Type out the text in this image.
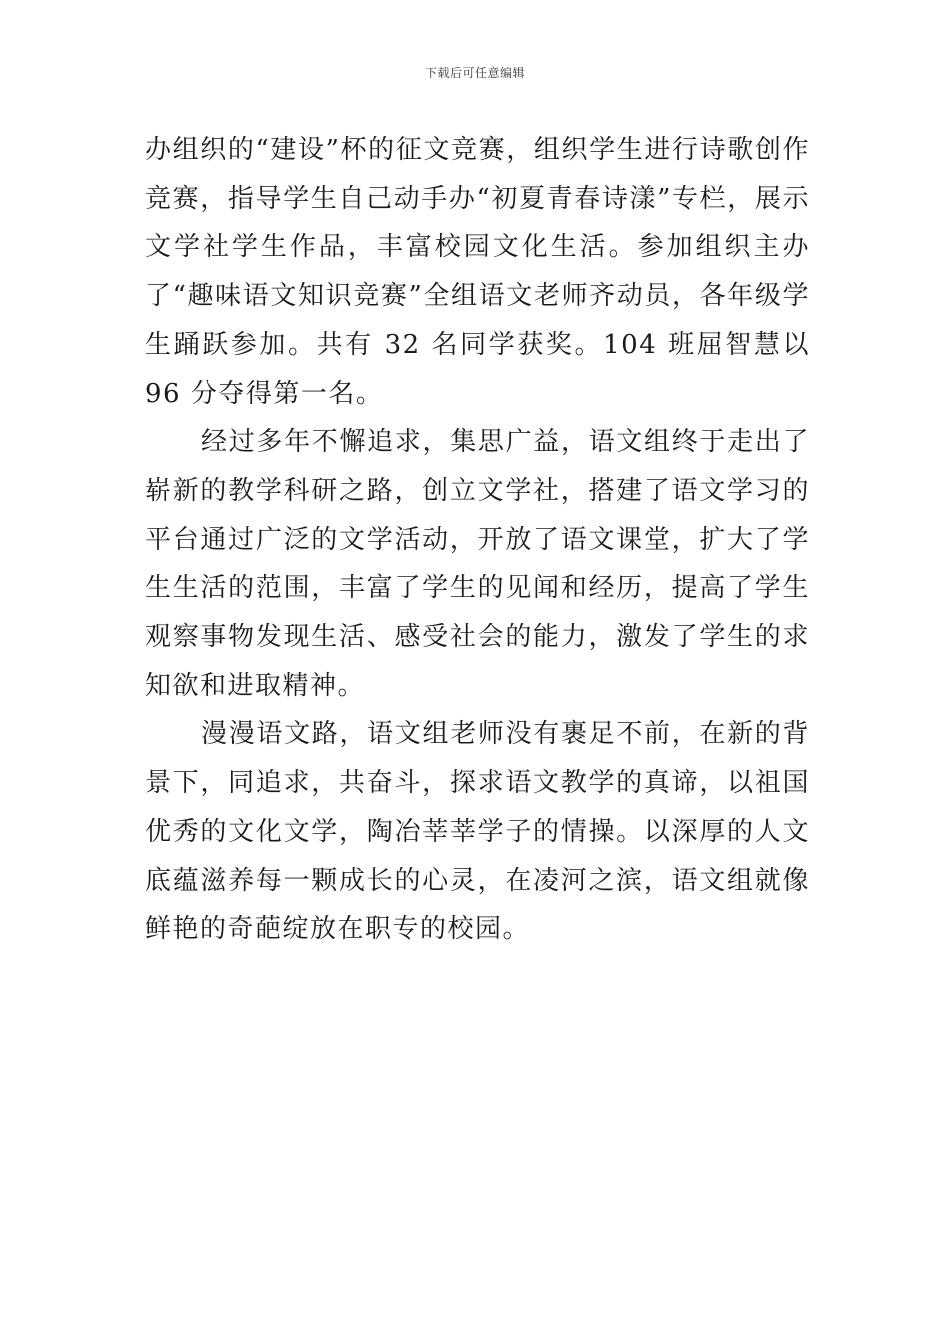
下载后可任意编辑

办组织的“建设”杯的征文竞赛，组织学生进行诗歌创作竞赛，指导学生自己动手办“初夏青春诗漾”专栏，展示文学社学生作品，丰富校园文化生活。参加组织主办了“趣味语文知识竞赛”全组语文老师齐动员，各年级学生踊跃参加。共有 32 名同学获奖。104 班屈智慧以 96 分夺得第一名。

经过多年不懈追求，集思广益，语文组终于走出了崭新的教学科研之路，创立文学社，搭建了语文学习的平台通过广泛的文学活动，开放了语文课堂，扩大了学生生活的范围，丰富了学生的见闻和经历，提高了学生观察事物发现生活、感受社会的能力，激发了学生的求知欲和进取精神。

漫漫语文路，语文组老师没有裹足不前，在新的背景下，同追求，共奋斗，探求语文教学的真谛，以祖国优秀的文化文学，陶冶莘莘学子的情操。以深厚的人文底蕴滋养每一颗成长的心灵，在凌河之滨，语文组就像鲜艳的奇葩绽放在职专的校园。
